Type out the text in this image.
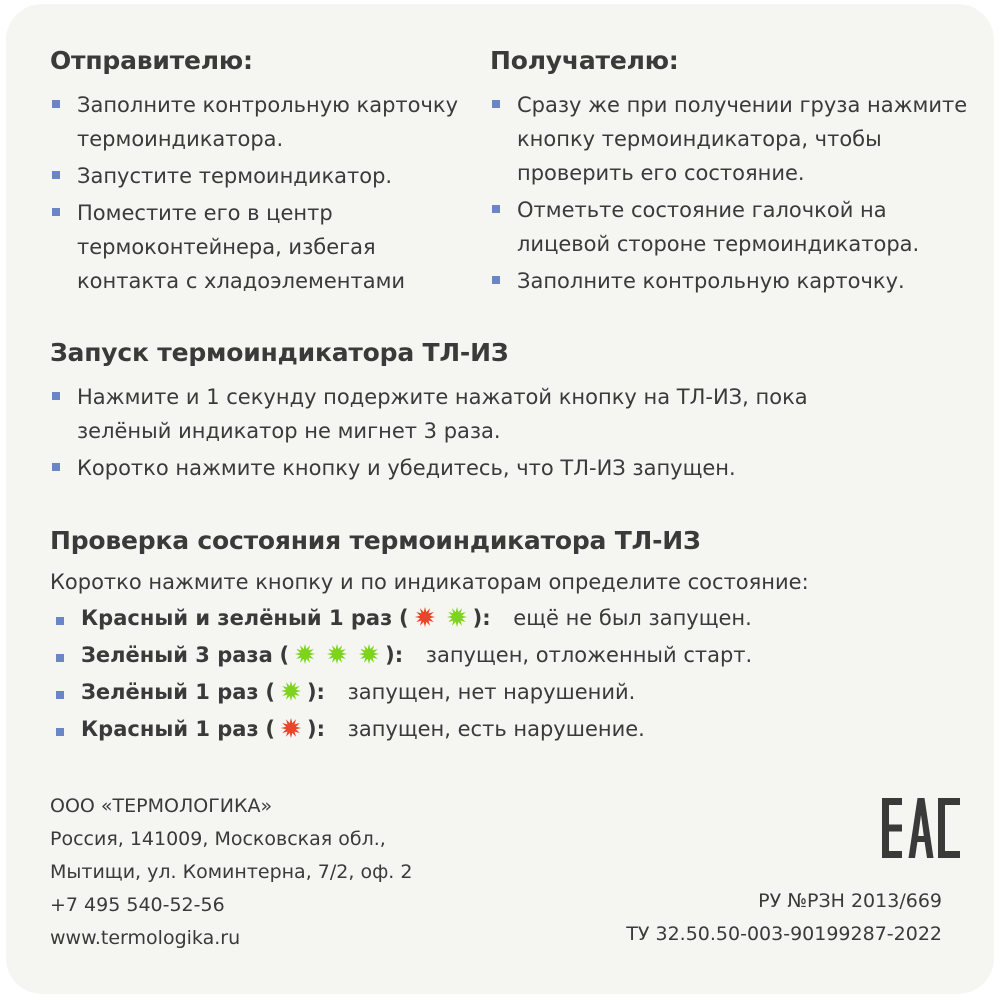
Отправителю:
Заполните контрольную карточку термоиндикатора.
Запустите термоиндикатор.
Поместите его в центр термоконтейнера, избегая контакта с хладоэлементами
Получателю:
Сразу же при получении груза нажмите кнопку термоиндикатора, чтобы проверить его состояние.
Отметьте состояние галочкой на лицевой стороне термоиндикатора.
Заполните контрольную карточку.
Запуск термоиндикатора ТЛ-ИЗ
Нажмите и 1 секунду подержите нажатой кнопку на ТЛ-ИЗ, пока зелёный индикатор не мигнет 3 раза.
Коротко нажмите кнопку и убедитесь, что ТЛ-ИЗ запущен.
Проверка состояния термоиндикатора ТЛ-ИЗ

Коротко нажмите кнопку и по индикаторам определите состояние:

Красный и зелёный 1 раз (	): ещё не был запущен.
Зелёный 3 раза (	): запущен, отложенный старт.
Зелёный 1 раз ( ): запущен, нет нарушений.
Красный 1 раз ( ): запущен, есть нарушение.
ООО «ТЕРМОЛОГИКА»
Россия, 141009, Московская обл.,
Мытищи, ул. Коминтерна, 7/2, оф. 2
+7 495 540-52-56
www.termologika.ru
РУ №РЗН 2013/669
ТУ 32.50.50-003-90199287-2022
